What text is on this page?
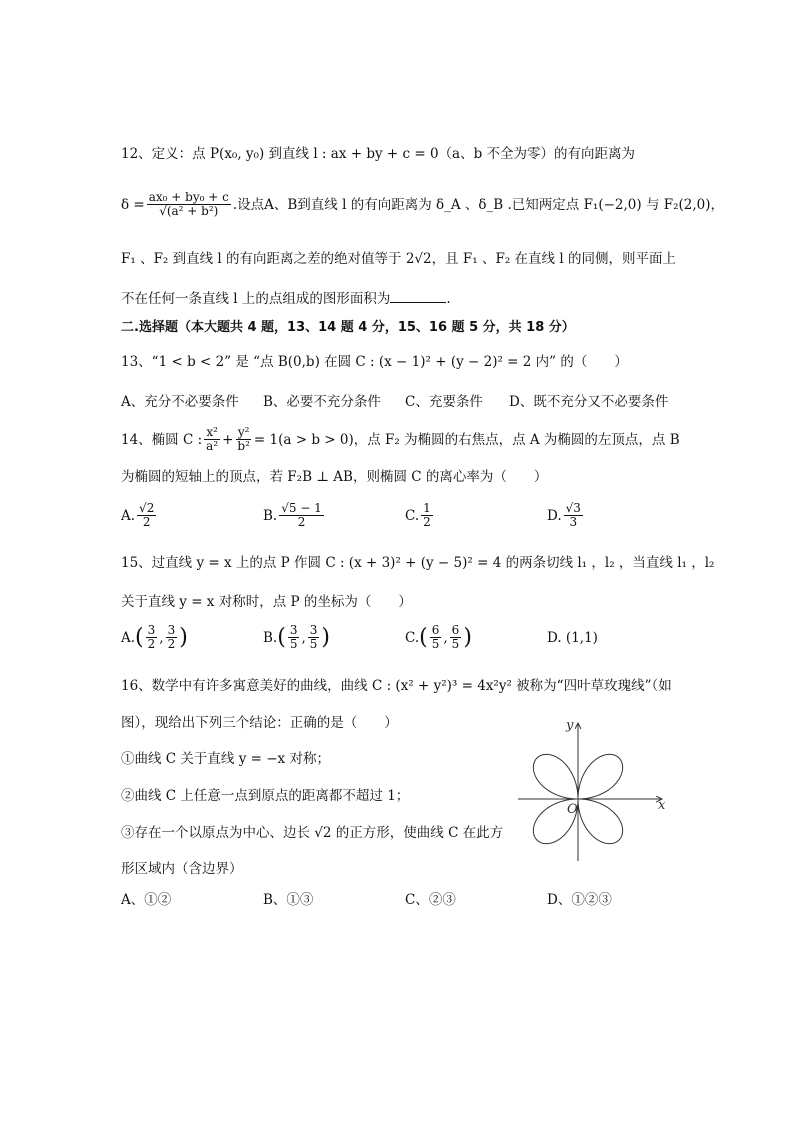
12、定义：点 P(x₀, y₀) 到直线 l : ax + by + c = 0（a、b 不全为零）的有向距离为
$\delta = \frac{\text{ax₀ + by₀ + c}}{\text{√(a² + b²)}}$ .设点A、B到直线 l 的有向距离为 δ_A 、δ_B .已知两定点 F₁(−2,0) 与 F₂(2,0)，
F₁ 、F₂ 到直线 l 的有向距离之差的绝对值等于 2√2，且 F₁ 、F₂ 在直线 l 的同侧，则平面上
不在任何一条直线 l 上的点组成的图形面积为	.
二.选择题（本大题共 4 题，13、14 题 4 分，15、16 题 5 分，共 18 分）
13、“1 < b < 2” 是 “点 B(0,b) 在圆 C : (x − 1)² + (y − 2)² = 2 内” 的（　　）
A、充分不必要条件	B、必要不充分条件	C、充要条件	D、既不充分又不必要条件
14、椭圆 C : $\frac{\text{x²}}{\text{a²}} + \frac{\text{y²}}{\text{b²}} = 1(a > b > 0)$，点 F₂ 为椭圆的右焦点，点 A 为椭圆的左顶点，点 B
为椭圆的短轴上的顶点，若 F₂B ⊥ AB，则椭圆 C 的离心率为（　　）
A. $\frac{√2}{2}$	B. $\frac{√5 - 1}{2}$	C. $\frac{1}{2}$	D. $\frac{√3}{3}$
15、过直线 y = x 上的点 P 作圆 C : (x + 3)² + (y − 5)² = 4 的两条切线 l₁ ，l₂ ，当直线 l₁ ，l₂
关于直线 y = x 对称时，点 P 的坐标为（　　）
A. ( $\frac{3}{2}$ , $\frac{3}{2}$ )	B. ( $\frac{3}{5}$ , $\frac{3}{5}$ )	C. ( $\frac{6}{5}$ , $\frac{6}{5}$ )	D. (1,1)
16、数学中有许多寓意美好的曲线，曲线 C : (x² + y²)³ = 4x²y² 被称为“四叶草玫瑰线”（如
图），现给出下列三个结论：正确的是（　　）
①曲线 C 关于直线 y = −x 对称；
②曲线 C 上任意一点到原点的距离都不超过 1；
③存在一个以原点为中心、边长 √2 的正方形，使曲线 C 在此方
形区域内（含边界）
A、①②	B、①③	C、②③	D、①②③
x
y
O
